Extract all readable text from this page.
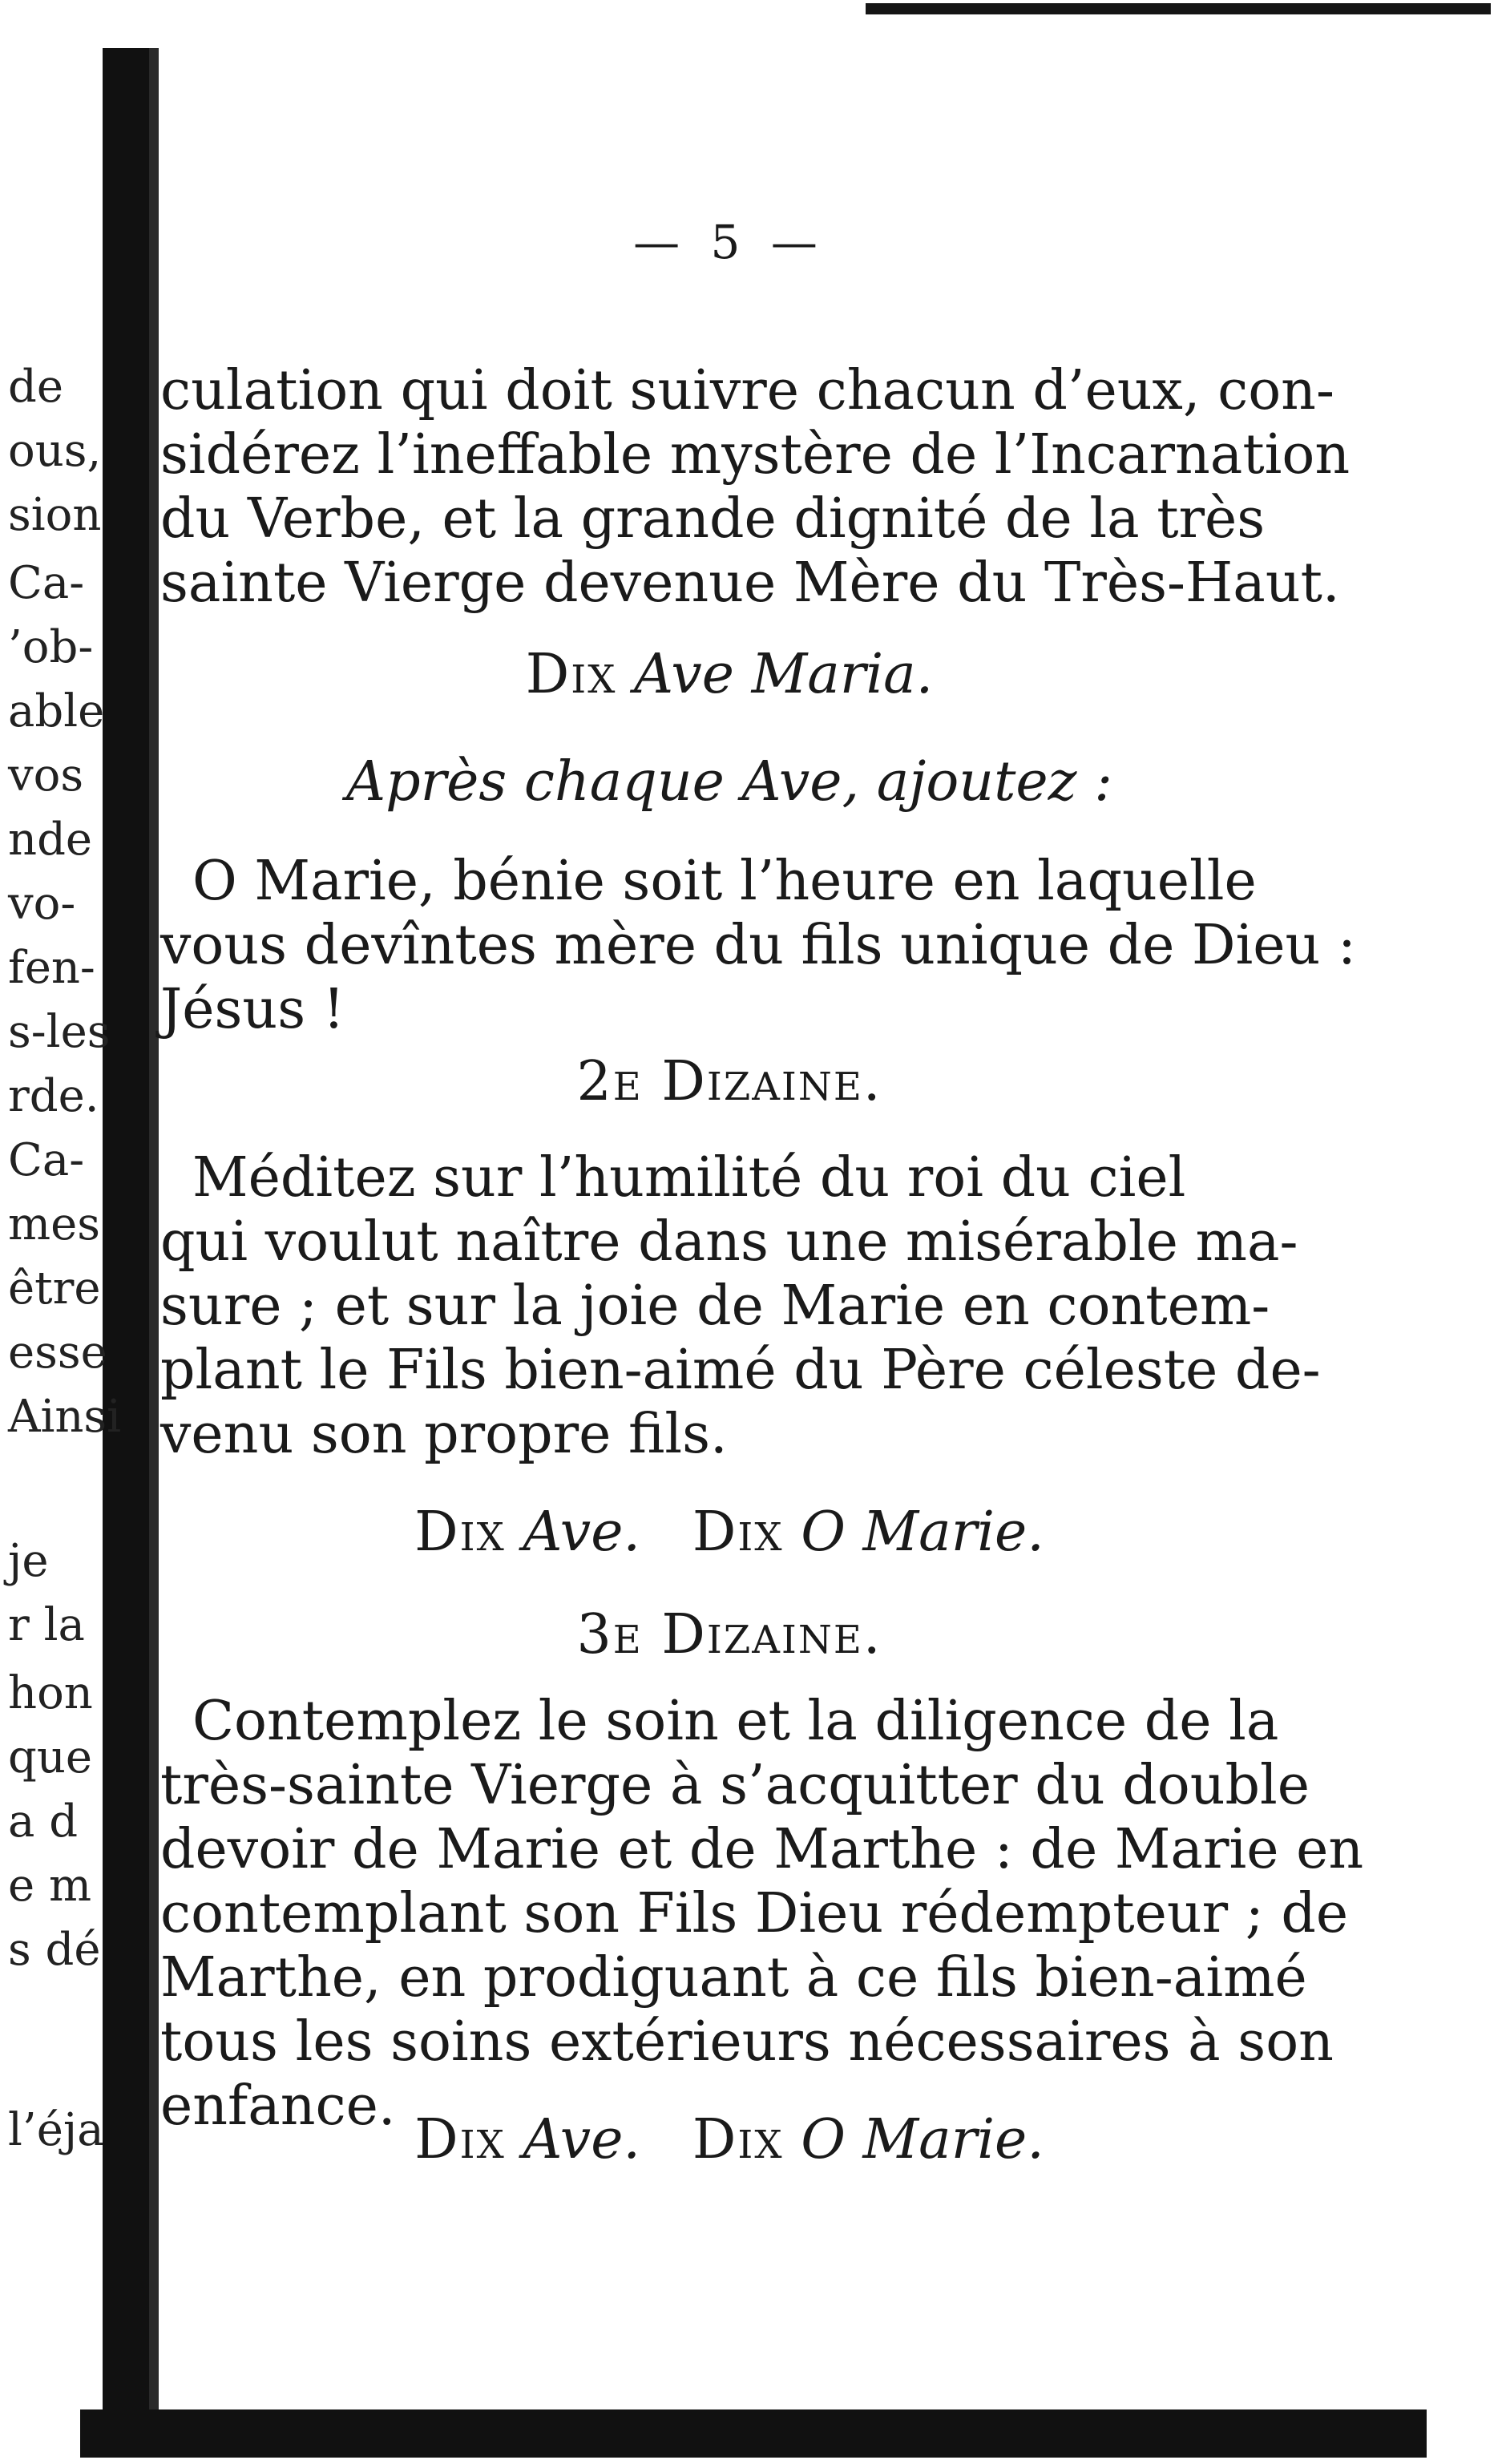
de
ous,
sion
Ca-
’ob-
able
vos
nde
vo-
fen-
s-les
rde.
Ca-
mes
être
esse
Ainsi
je
r la
hon
que
a d
e m
s dé
l’éja
— 5 —
culation qui doit suivre chacun d’eux, con-
sidérez l’ineffable mystère de l’Incarnation
du Verbe, et la grande dignité de la très
sainte Vierge devenue Mère du Très-Haut.
Dix Ave Maria.
Après chaque Ave, ajoutez :
O Marie, bénie soit l’heure en laquelle
vous devîntes mère du fils unique de Dieu :
Jésus !
2e Dizaine.
Méditez sur l’humilité du roi du ciel
qui voulut naître dans une misérable ma-
sure ; et sur la joie de Marie en contem-
plant le Fils bien-aimé du Père céleste de-
venu son propre fils.
Dix Ave. Dix O Marie.
3e Dizaine.
Contemplez le soin et la diligence de la
très-sainte Vierge à s’acquitter du double
devoir de Marie et de Marthe : de Marie en
contemplant son Fils Dieu rédempteur ; de
Marthe, en prodiguant à ce fils bien-aimé
tous les soins extérieurs nécessaires à son
enfance.
Dix Ave. Dix O Marie.
